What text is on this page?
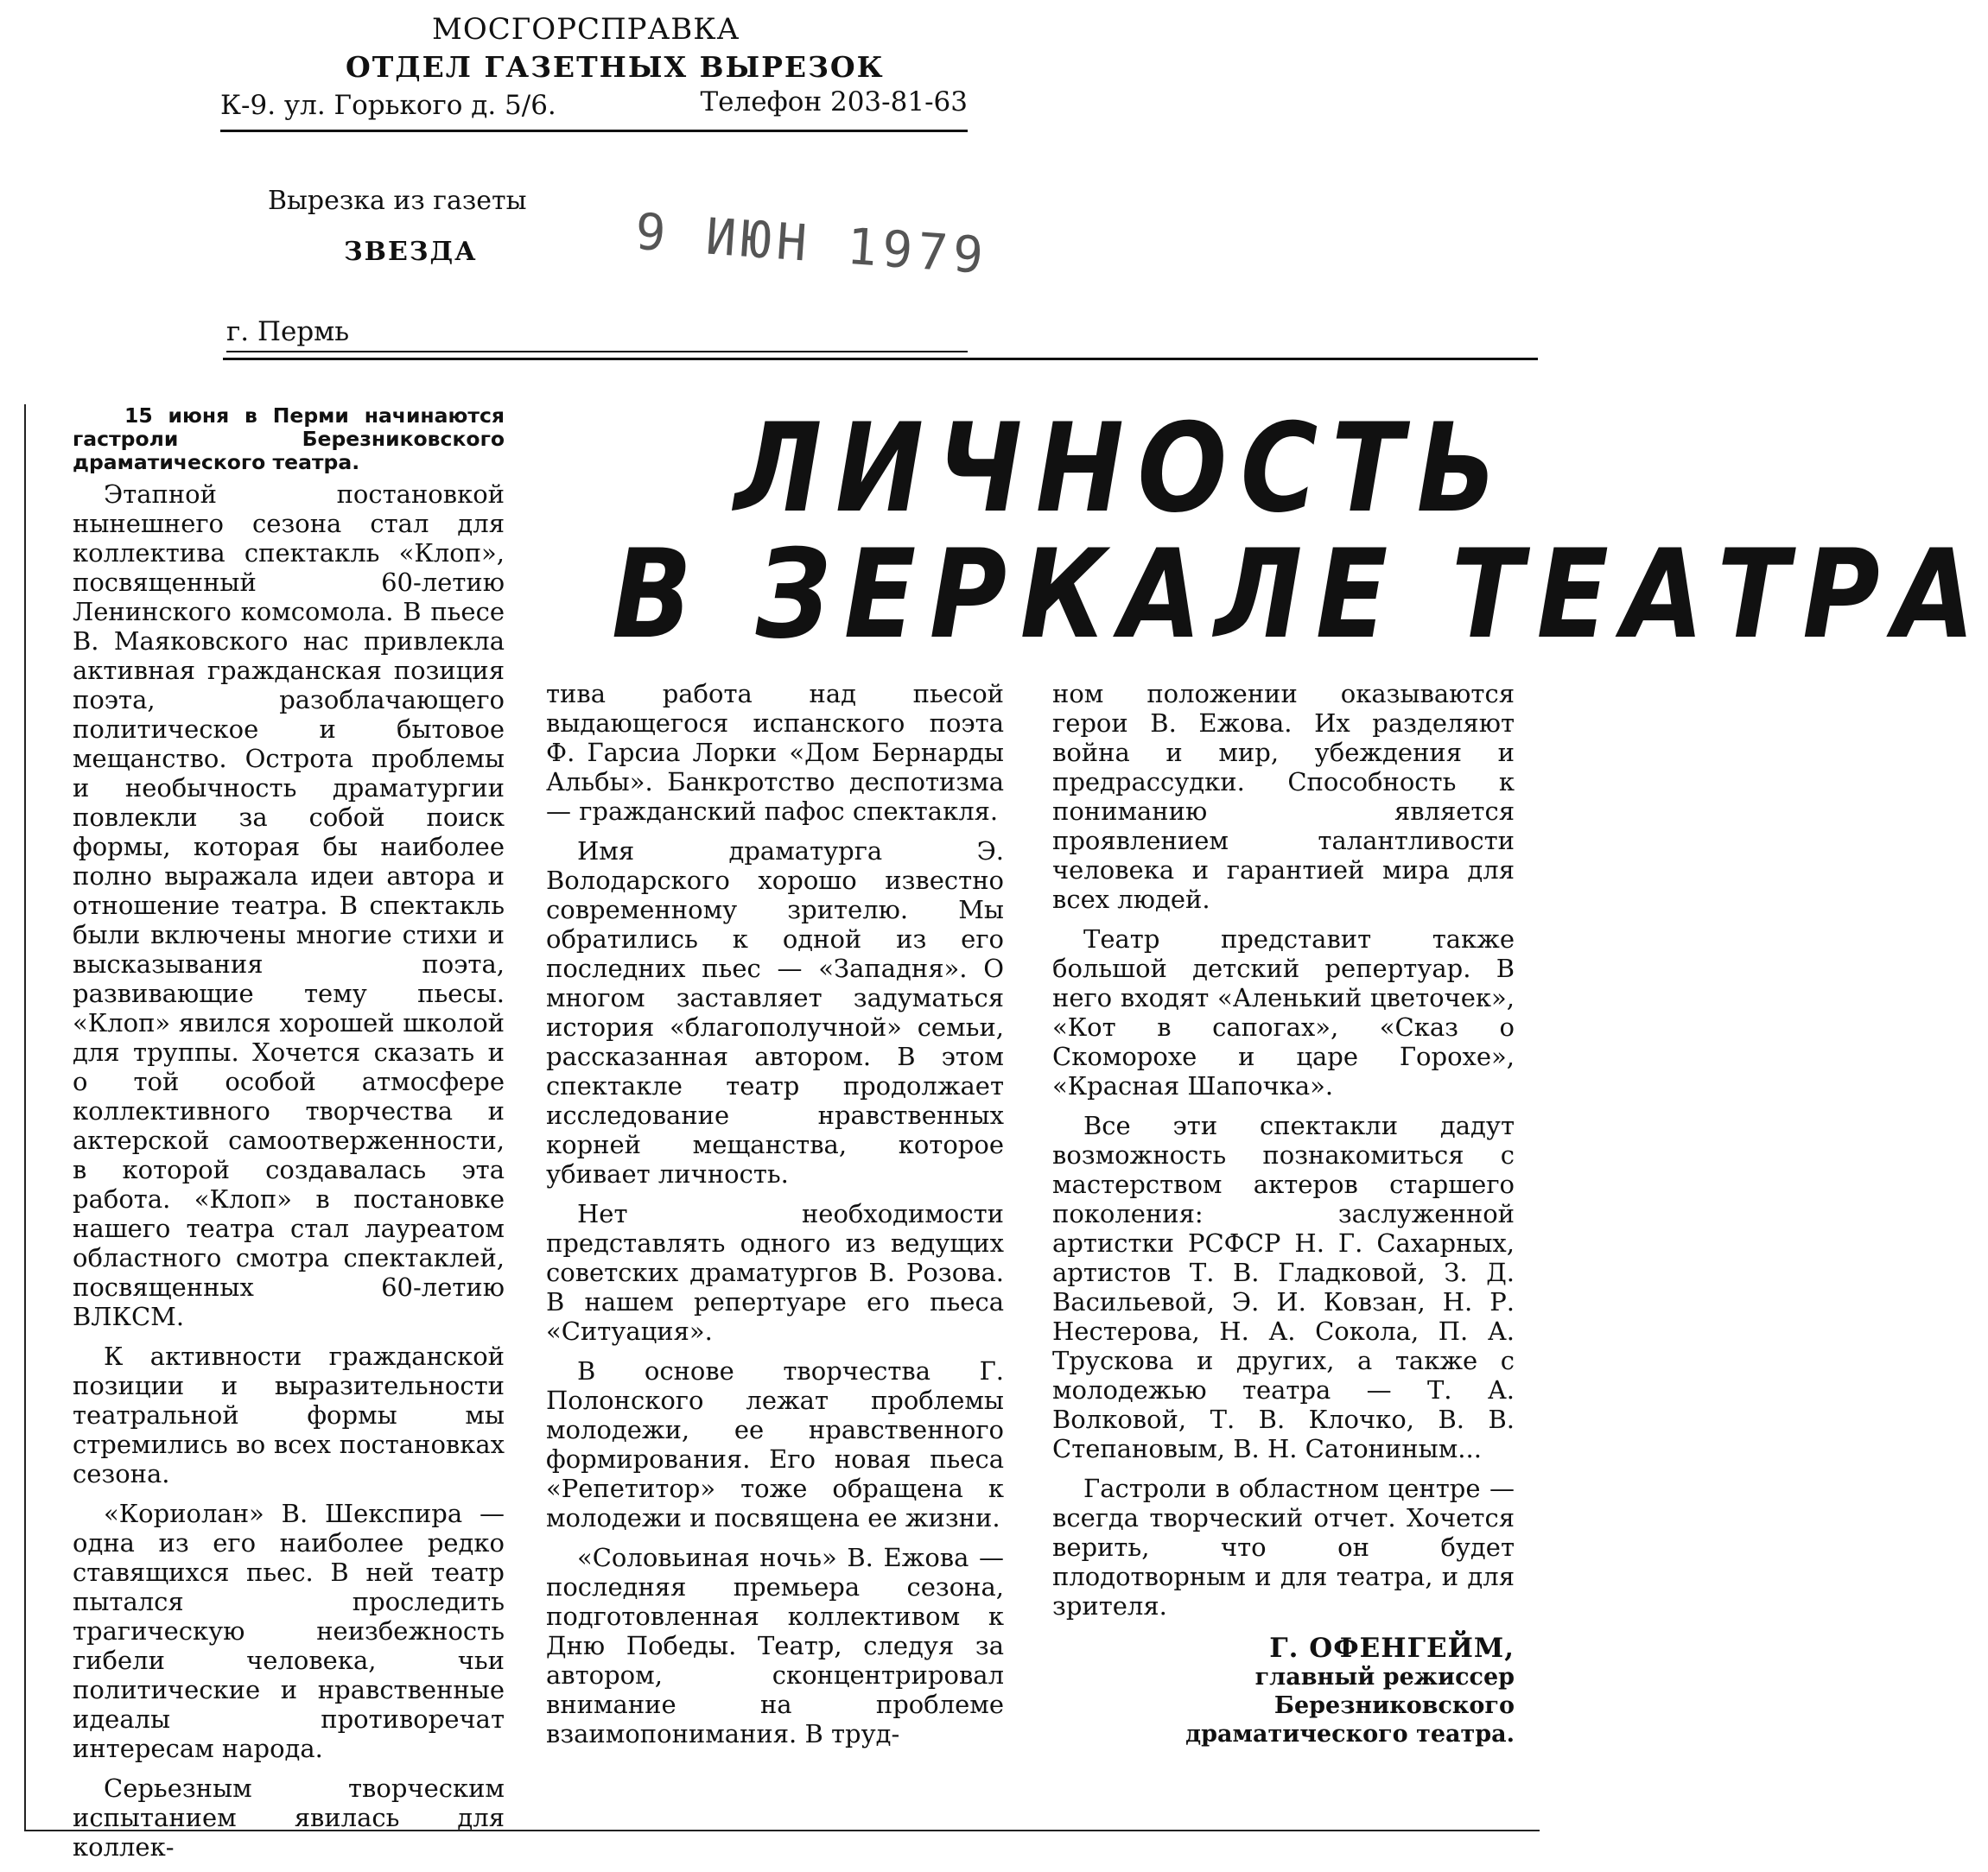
МОСГОРСПРАВКА
ОТДЕЛ ГАЗЕТНЫХ ВЫРЕЗОК
К-9. ул. Горького д. 5/6.	Телефон 203-81-63
Вырезка из газеты
ЗВЕЗДА	9 ИЮН 1979
г. Пермь
ЛИЧНОСТЬ
В ЗЕРКАЛЕ ТЕАТРА

15 июня в Перми начинаются гастроли Березниковского драматического театра.

Этапной постановкой нынешнего сезона стал для коллектива спектакль «Клоп», посвященный 60-летию Ленинского комсомола. В пьесе В. Маяковского нас привлекла активная гражданская позиция поэта, разоблачающего политическое и бытовое мещанство. Острота проблемы и необычность драматургии повлекли за собой поиск формы, которая бы наиболее полно выражала идеи автора и отношение театра. В спектакль были включены многие стихи и высказывания поэта, развивающие тему пьесы. «Клоп» явился хорошей школой для труппы. Хочется сказать и о той особой атмосфере коллективного творчества и актерской самоотверженности, в которой создавалась эта работа. «Клоп» в постановке нашего театра стал лауреатом областного смотра спектаклей, посвященных 60-летию ВЛКСМ.

К активности гражданской позиции и выразительности театральной формы мы стремились во всех постановках сезона.

«Кориолан» В. Шекспира — одна из его наиболее редко ставящихся пьес. В ней театр пытался проследить трагическую неизбежность гибели человека, чьи политические и нравственные идеалы противоречат интересам народа.

Серьезным творческим испытанием явилась для коллек-

тива работа над пьесой выдающегося испанского поэта Ф. Гарсиа Лорки «Дом Бернарды Альбы». Банкротство деспотизма — гражданский пафос спектакля.

Имя драматурга Э. Володарского хорошо известно современному зрителю. Мы обратились к одной из его последних пьес — «Западня». О многом заставляет задуматься история «благополучной» семьи, рассказанная автором. В этом спектакле театр продолжает исследование нравственных корней мещанства, которое убивает личность.

Нет необходимости представлять одного из ведущих советских драматургов В. Розова. В нашем репертуаре его пьеса «Ситуация».

В основе творчества Г. Полонского лежат проблемы молодежи, ее нравственного формирования. Его новая пьеса «Репетитор» тоже обращена к молодежи и посвящена ее жизни.

«Соловьиная ночь» В. Ежова — последняя премьера сезона, подготовленная коллективом к Дню Победы. Театр, следуя за автором, сконцентрировал внимание на проблеме взаимопонимания. В труд-

ном положении оказываются герои В. Ежова. Их разделяют война и мир, убеждения и предрассудки. Способность к пониманию является проявлением талантливости человека и гарантией мира для всех людей.

Театр представит также большой детский репертуар. В него входят «Аленький цветочек», «Кот в сапогах», «Сказ о Скоморохе и царе Горохе», «Красная Шапочка».

Все эти спектакли дадут возможность познакомиться с мастерством актеров старшего поколения: заслуженной артистки РСФСР Н. Г. Сахарных, артистов Т. В. Гладковой, З. Д. Васильевой, Э. И. Ковзан, Н. Р. Нестерова, Н. А. Сокола, П. А. Трускова и других, а также с молодежью театра — Т. А. Волковой, Т. В. Клочко, В. В. Степановым, В. Н. Сатониным...

Гастроли в областном центре — всегда творческий отчет. Хочется верить, что он будет плодотворным и для театра, и для зрителя.

Г. ОФЕНГЕЙМ,
главный режиссер
Березниковского
драматического театра.
